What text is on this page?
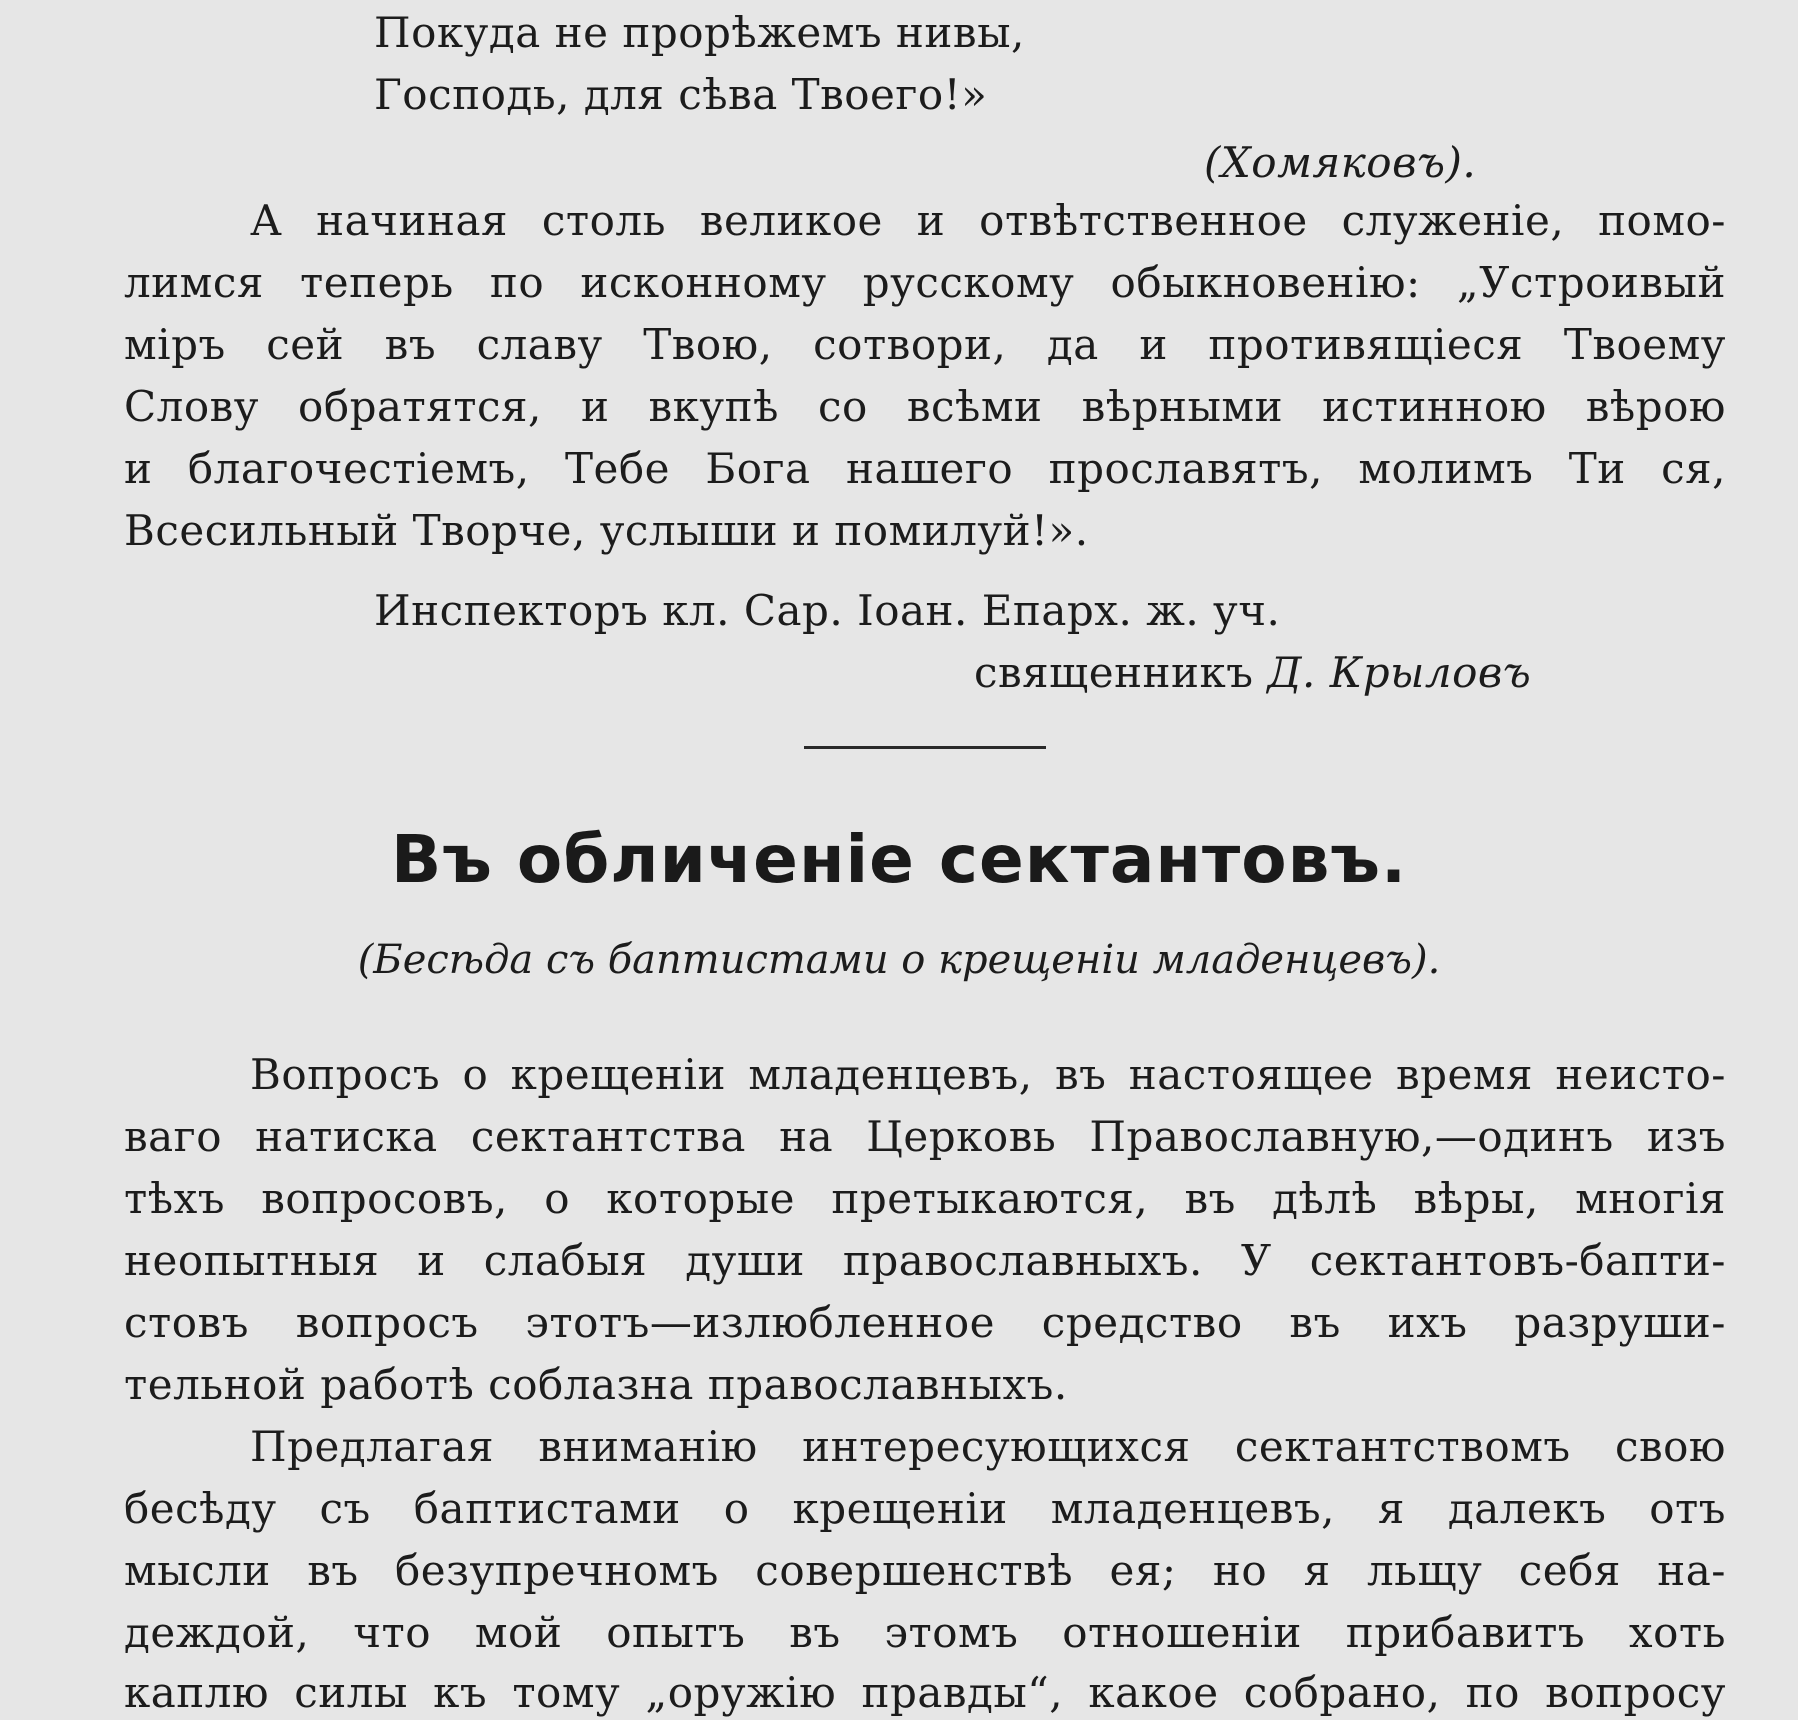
Покуда не прорѣжемъ нивы,
Господь, для сѣва Твоего!»
(Хомяковъ).
А начиная столь великое и отвѣтственное служеніе, помо-
лимся теперь по исконному русскому обыкновенію: „Устроивый
міръ сей въ славу Твою, сотвори, да и противящіеся Твоему
Слову обратятся, и вкупѣ со всѣми вѣрными истинною вѣрою
и благочестіемъ, Тебе Бога нашего прославятъ, молимъ Ти ся,
Всесильный Творче, услыши и помилуй!».
Инспекторъ кл. Сар. Іоан. Епарх. ж. уч.
священникъ Д. Крыловъ
Въ обличеніе сектантовъ.
(Бесѣда съ баптистами о крещеніи младенцевъ).
Вопросъ о крещеніи младенцевъ, въ настоящее время неисто-
ваго натиска сектантства на Церковь Православную,—одинъ изъ
тѣхъ вопросовъ, о которые претыкаются, въ дѣлѣ вѣры, многія
неопытныя и слабыя души православныхъ. У сектантовъ-бапти-
стовъ вопросъ этотъ—излюбленное средство въ ихъ разруши-
тельной работѣ соблазна православныхъ.
Предлагая вниманію интересующихся сектантствомъ свою
бесѣду съ баптистами о крещеніи младенцевъ, я далекъ отъ
мысли въ безупречномъ совершенствѣ ея; но я льщу себя на-
деждой, что мой опытъ въ этомъ отношеніи прибавитъ хоть
каплю силы къ тому „оружію правды“, какое собрано, по вопросу
